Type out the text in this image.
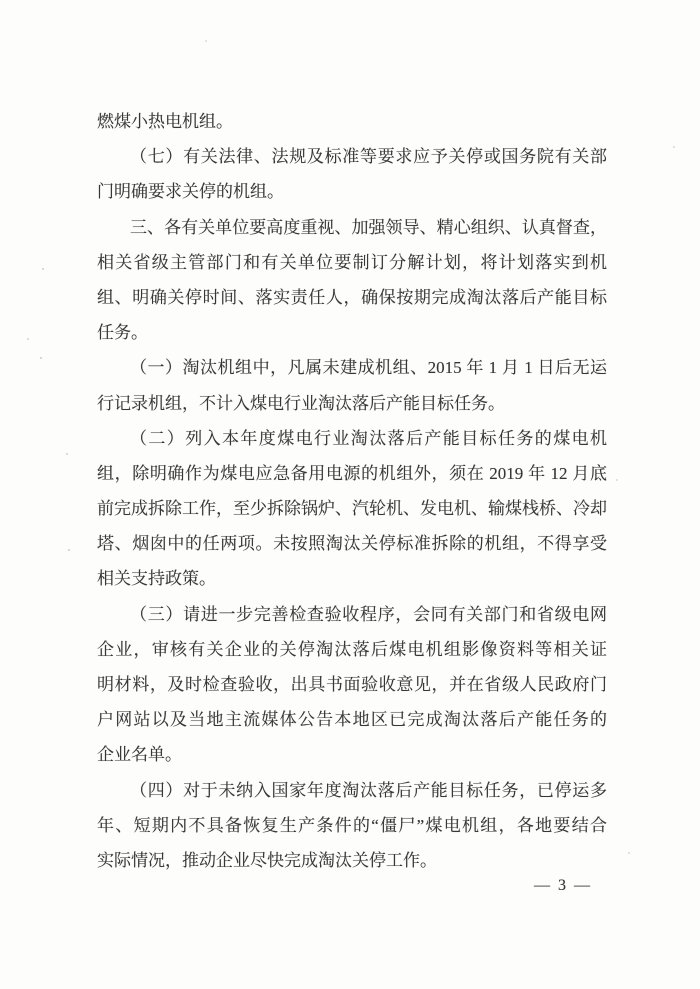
燃煤小热电机组。
（七）有关法律、法规及标准等要求应予关停或国务院有关部
门明确要求关停的机组。
三、各有关单位要高度重视、加强领导、精心组织、认真督查，
相关省级主管部门和有关单位要制订分解计划，将计划落实到机
组、明确关停时间、落实责任人，确保按期完成淘汰落后产能目标
任务。
（一）淘汰机组中，凡属未建成机组、2015 年 1 月 1 日后无运
行记录机组，不计入煤电行业淘汰落后产能目标任务。
（二）列入本年度煤电行业淘汰落后产能目标任务的煤电机
组，除明确作为煤电应急备用电源的机组外，须在 2019 年 12 月底
前完成拆除工作，至少拆除锅炉、汽轮机、发电机、输煤栈桥、冷却
塔、烟囱中的任两项。未按照淘汰关停标准拆除的机组，不得享受
相关支持政策。
（三）请进一步完善检查验收程序，会同有关部门和省级电网
企业，审核有关企业的关停淘汰落后煤电机组影像资料等相关证
明材料，及时检查验收，出具书面验收意见，并在省级人民政府门
户网站以及当地主流媒体公告本地区已完成淘汰落后产能任务的
企业名单。
（四）对于未纳入国家年度淘汰落后产能目标任务，已停运多
年、短期内不具备恢复生产条件的“僵尸”煤电机组，各地要结合
实际情况，推动企业尽快完成淘汰关停工作。
— 3 —
